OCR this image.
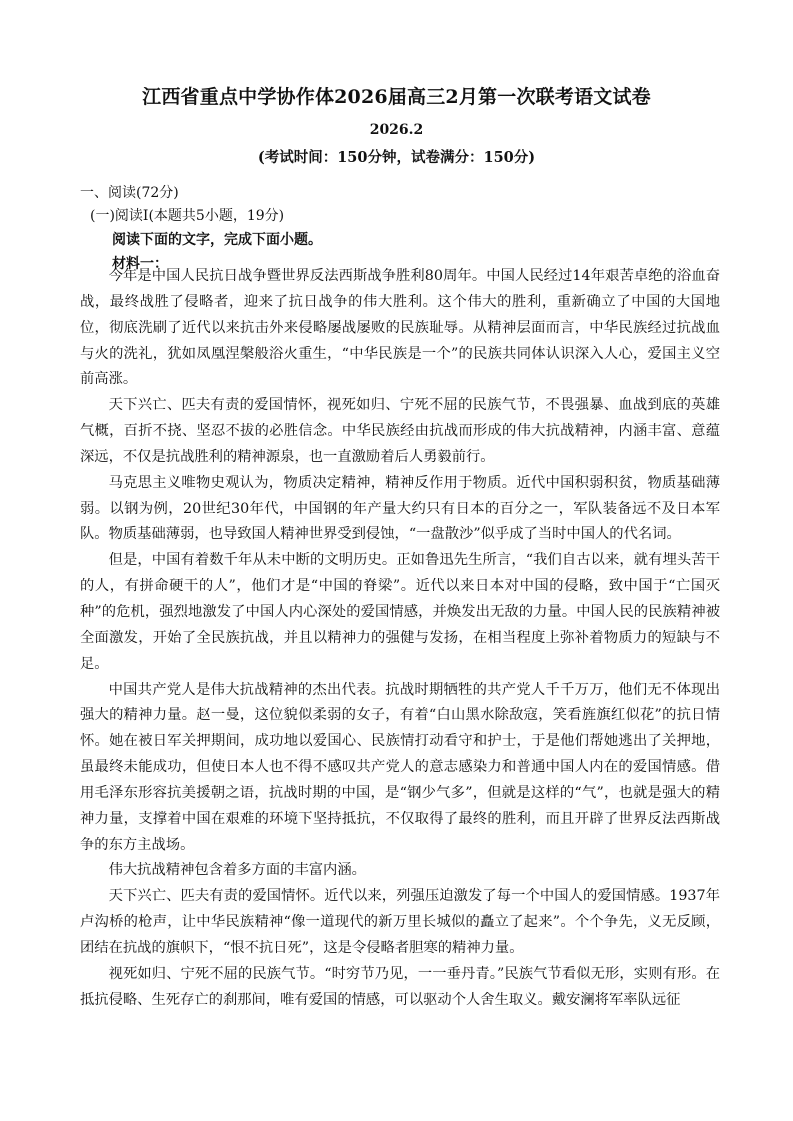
江西省重点中学协作体2026届高三2月第一次联考语文试卷
2026.2
(考试时间：150分钟，试卷满分：150分)
一、阅读(72分)
(一)阅读Ⅰ(本题共5小题，19分)
阅读下面的文字，完成下面小题。
材料一：

今年是中国人民抗日战争暨世界反法西斯战争胜利80周年。中国人民经过14年艰苦卓绝的浴血奋战，最终战胜了侵略者，迎来了抗日战争的伟大胜利。这个伟大的胜利，重新确立了中国的大国地位，彻底洗刷了近代以来抗击外来侵略屡战屡败的民族耻辱。从精神层面而言，中华民族经过抗战血与火的洗礼，犹如凤凰涅槃般浴火重生，“中华民族是一个”的民族共同体认识深入人心，爱国主义空前高涨。

天下兴亡、匹夫有责的爱国情怀，视死如归、宁死不屈的民族气节，不畏强暴、血战到底的英雄气概，百折不挠、坚忍不拔的必胜信念。中华民族经由抗战而形成的伟大抗战精神，内涵丰富、意蕴深远，不仅是抗战胜利的精神源泉，也一直激励着后人勇毅前行。

马克思主义唯物史观认为，物质决定精神，精神反作用于物质。近代中国积弱积贫，物质基础薄弱。以钢为例，20世纪30年代，中国钢的年产量大约只有日本的百分之一，军队装备远不及日本军队。物质基础薄弱，也导致国人精神世界受到侵蚀，“一盘散沙”似乎成了当时中国人的代名词。

但是，中国有着数千年从未中断的文明历史。正如鲁迅先生所言，“我们自古以来，就有埋头苦干的人，有拼命硬干的人”，他们才是“中国的脊梁”。近代以来日本对中国的侵略，致中国于“亡国灭种”的危机，强烈地激发了中国人内心深处的爱国情感，并焕发出无敌的力量。中国人民的民族精神被全面激发，开始了全民族抗战，并且以精神力的强健与发扬，在相当程度上弥补着物质力的短缺与不足。

中国共产党人是伟大抗战精神的杰出代表。抗战时期牺牲的共产党人千千万万，他们无不体现出强大的精神力量。赵一曼，这位貌似柔弱的女子，有着“白山黑水除敌寇，笑看旌旗红似花”的抗日情怀。她在被日军关押期间，成功地以爱国心、民族情打动看守和护士，于是他们帮她逃出了关押地，虽最终未能成功，但使日本人也不得不感叹共产党人的意志感染力和普通中国人内在的爱国情感。借用毛泽东形容抗美援朝之语，抗战时期的中国，是“钢少气多”，但就是这样的“气”，也就是强大的精神力量，支撑着中国在艰难的环境下坚持抵抗，不仅取得了最终的胜利，而且开辟了世界反法西斯战争的东方主战场。

伟大抗战精神包含着多方面的丰富内涵。

天下兴亡、匹夫有责的爱国情怀。近代以来，列强压迫激发了每一个中国人的爱国情感。1937年卢沟桥的枪声，让中华民族精神“像一道现代的新万里长城似的矗立了起来”。个个争先，义无反顾，团结在抗战的旗帜下，“恨不抗日死”，这是令侵略者胆寒的精神力量。

视死如归、宁死不屈的民族气节。“时穷节乃见，一一垂丹青。”民族气节看似无形，实则有形。在抵抗侵略、生死存亡的刹那间，唯有爱国的情感，可以驱动个人舍生取义。戴安澜将军率队远征
